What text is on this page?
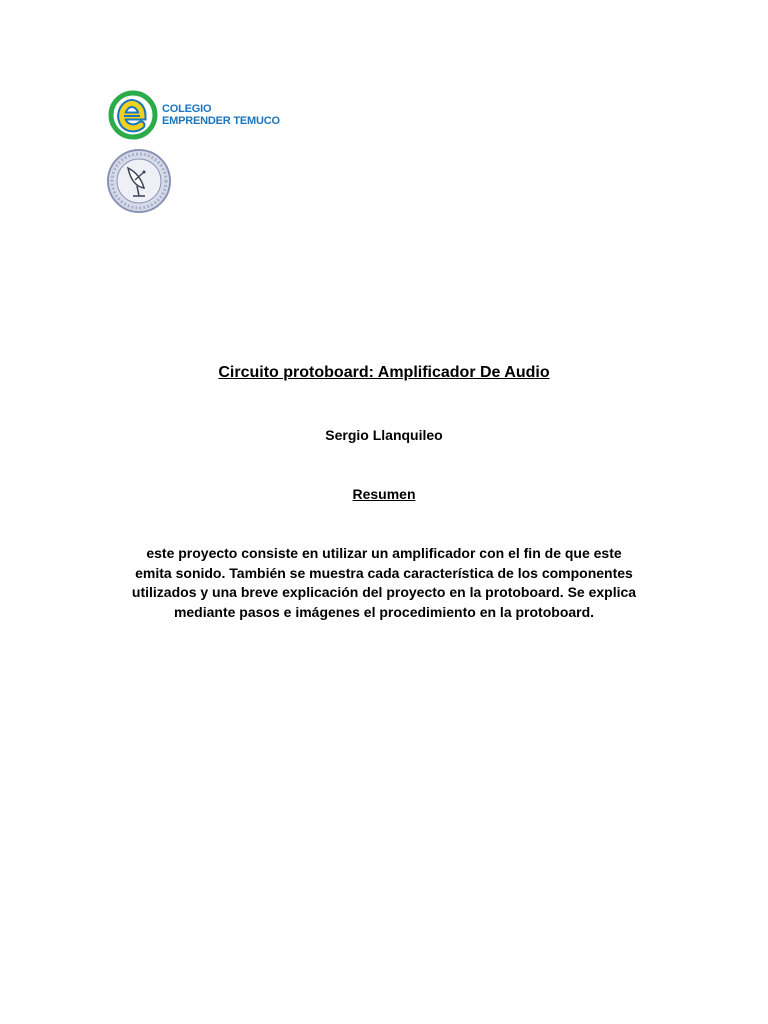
COLEGIO
EMPRENDER TEMUCO
Circuito protoboard: Amplificador De Audio
Sergio Llanquileo
Resumen
este proyecto consiste en utilizar un amplificador con el fin de que este
emita sonido. También se muestra cada característica de los componentes
utilizados y una breve explicación del proyecto en la protoboard. Se explica
mediante pasos e imágenes el procedimiento en la protoboard.
